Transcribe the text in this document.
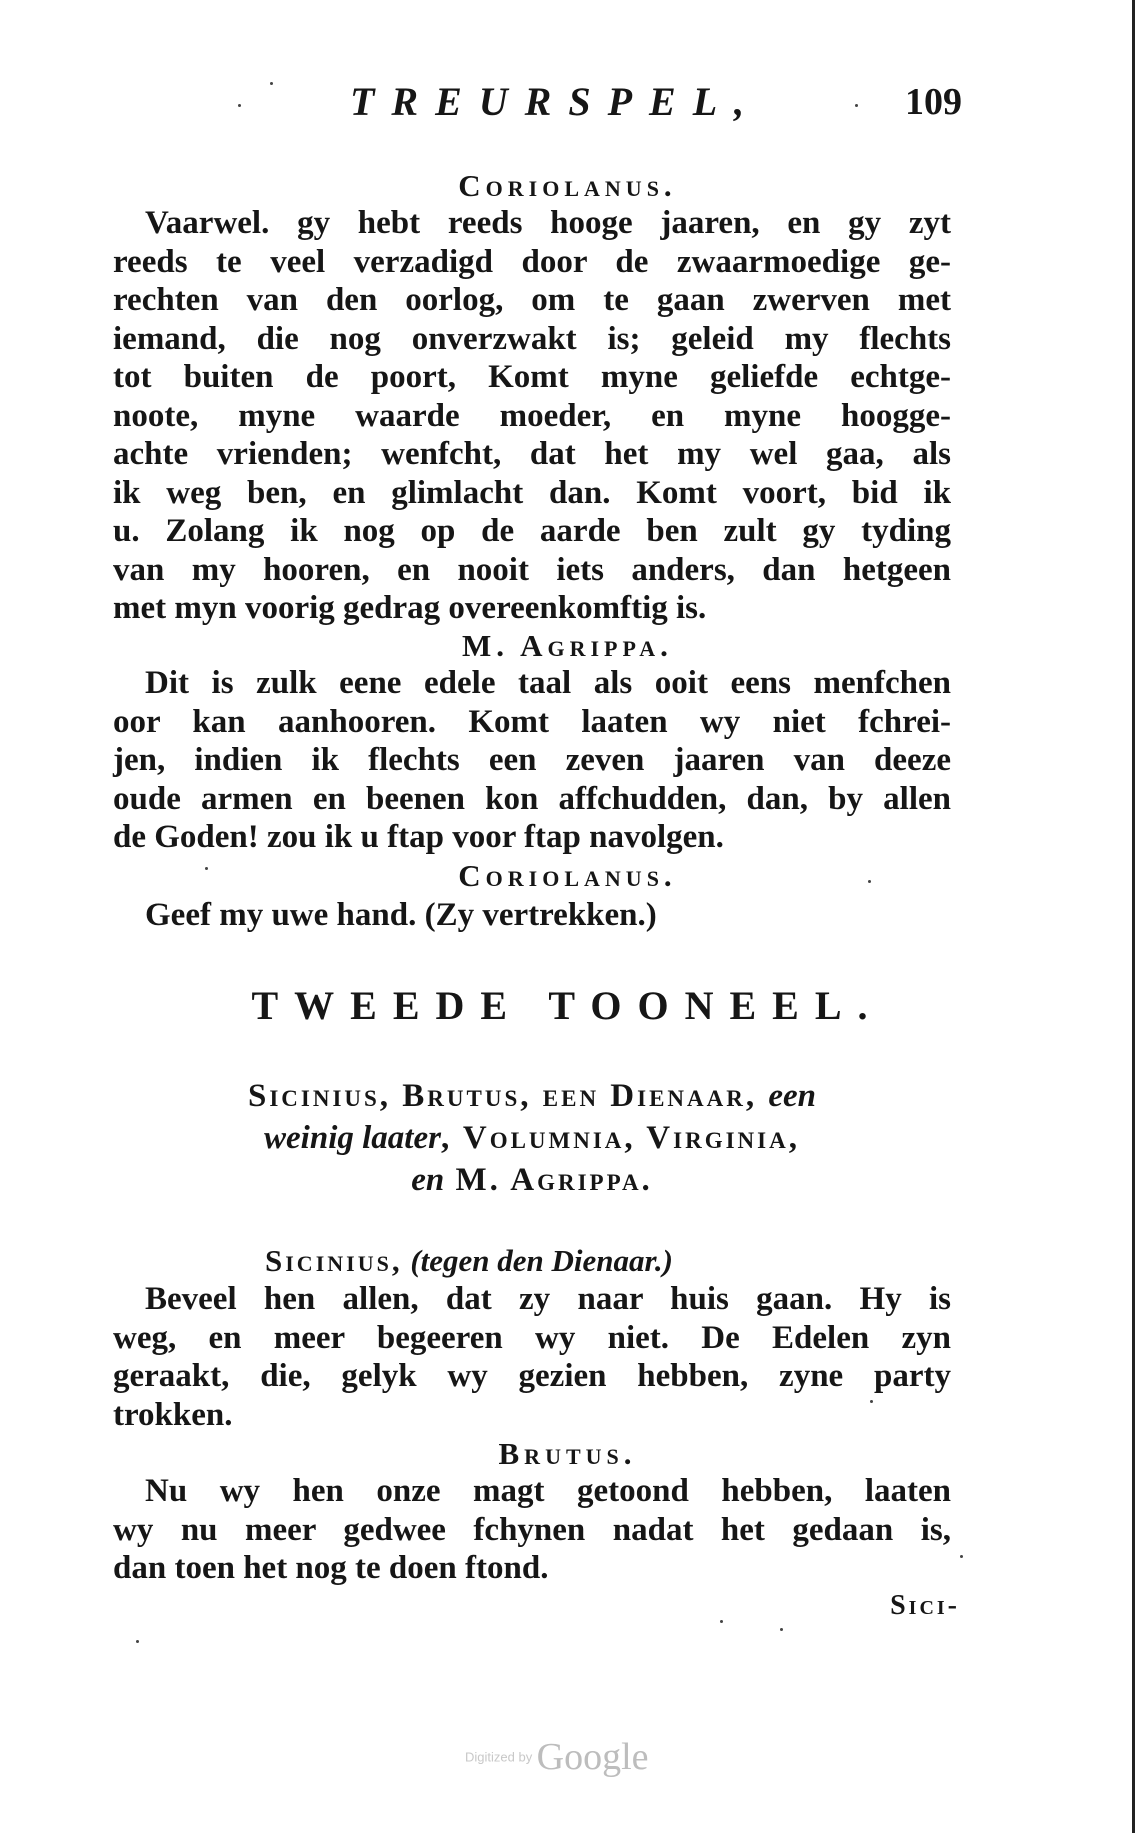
TREURSPEL,	109
Coriolanus.
Vaarwel. gy hebt reeds hooge jaaren, en gy zyt
reeds te veel verzadigd door de zwaarmoedige ge-
rechten van den oorlog, om te gaan zwerven met
iemand, die nog onverzwakt is; geleid my flechts
tot buiten de poort, Komt myne geliefde echtge-
noote, myne waarde moeder, en myne hoogge-
achte vrienden; wenfcht, dat het my wel gaa, als
ik weg ben, en glimlacht dan. Komt voort, bid ik
u. Zolang ik nog op de aarde ben zult gy tyding
van my hooren, en nooit iets anders, dan hetgeen
met myn voorig gedrag overeenkomftig is.
M. Agrippa.
Dit is zulk eene edele taal als ooit eens menfchen
oor kan aanhooren. Komt laaten wy niet fchrei-
jen, indien ik flechts een zeven jaaren van deeze
oude armen en beenen kon affchudden, dan, by allen
de Goden! zou ik u ftap voor ftap navolgen.
Coriolanus.
Geef my uwe hand. (Zy vertrekken.)
TWEEDE TOONEEL.
Sicinius, Brutus, een Dienaar, een
weinig laater, Volumnia, Virginia,
en M. Agrippa.
Sicinius, (tegen den Dienaar.)
Beveel hen allen, dat zy naar huis gaan. Hy is
weg, en meer begeeren wy niet. De Edelen zyn
geraakt, die, gelyk wy gezien hebben, zyne party
trokken.
Brutus.
Nu wy hen onze magt getoond hebben, laaten
wy nu meer gedwee fchynen nadat het gedaan is,
dan toen het nog te doen ftond.
Sici-
Digitized by Google
